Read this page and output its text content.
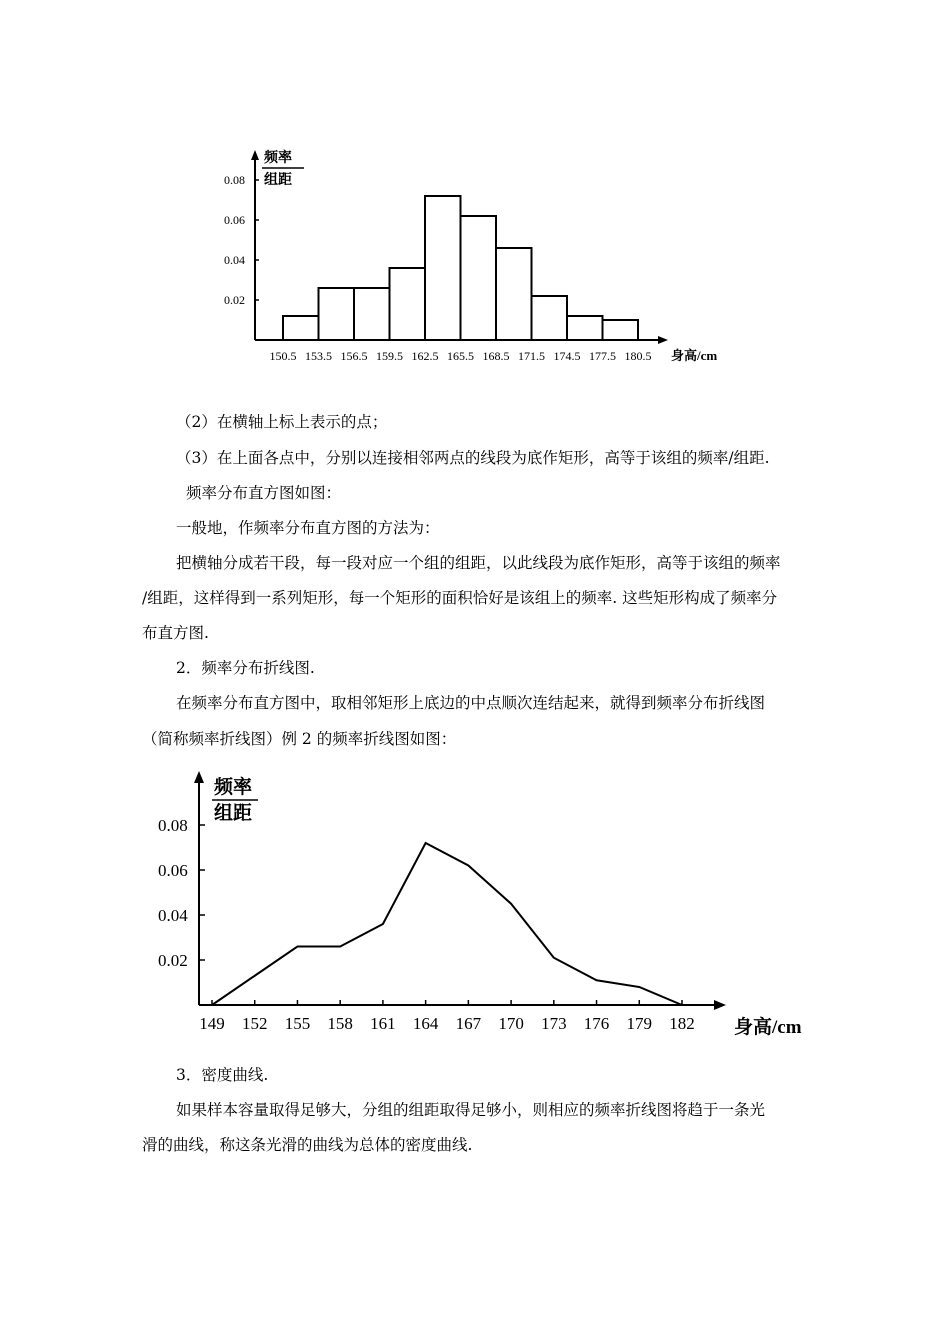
频率
组距
0.08
0.06
0.04
0.02
150.5 153.5 156.5 159.5 162.5 165.5 168.5 171.5 174.5 177.5 180.5 身高/cm
（2）在横轴上标上表示的点；
（3）在上面各点中，分别以连接相邻两点的线段为底作矩形，高等于该组的频率/组距.
频率分布直方图如图：
一般地，作频率分布直方图的方法为：
把横轴分成若干段，每一段对应一个组的组距，以此线段为底作矩形，高等于该组的频率
/组距，这样得到一系列矩形，每一个矩形的面积恰好是该组上的频率. 这些矩形构成了频率分
布直方图.
2．频率分布折线图.
在频率分布直方图中，取相邻矩形上底边的中点顺次连结起来，就得到频率分布折线图
（简称频率折线图）例 2 的频率折线图如图：
频率
组距
0.08
0.06
0.04
0.02
149 152 155 158 161 164 167 170 173 176 179 182 身高/cm
3．密度曲线.
如果样本容量取得足够大，分组的组距取得足够小，则相应的频率折线图将趋于一条光
滑的曲线，称这条光滑的曲线为总体的密度曲线.
